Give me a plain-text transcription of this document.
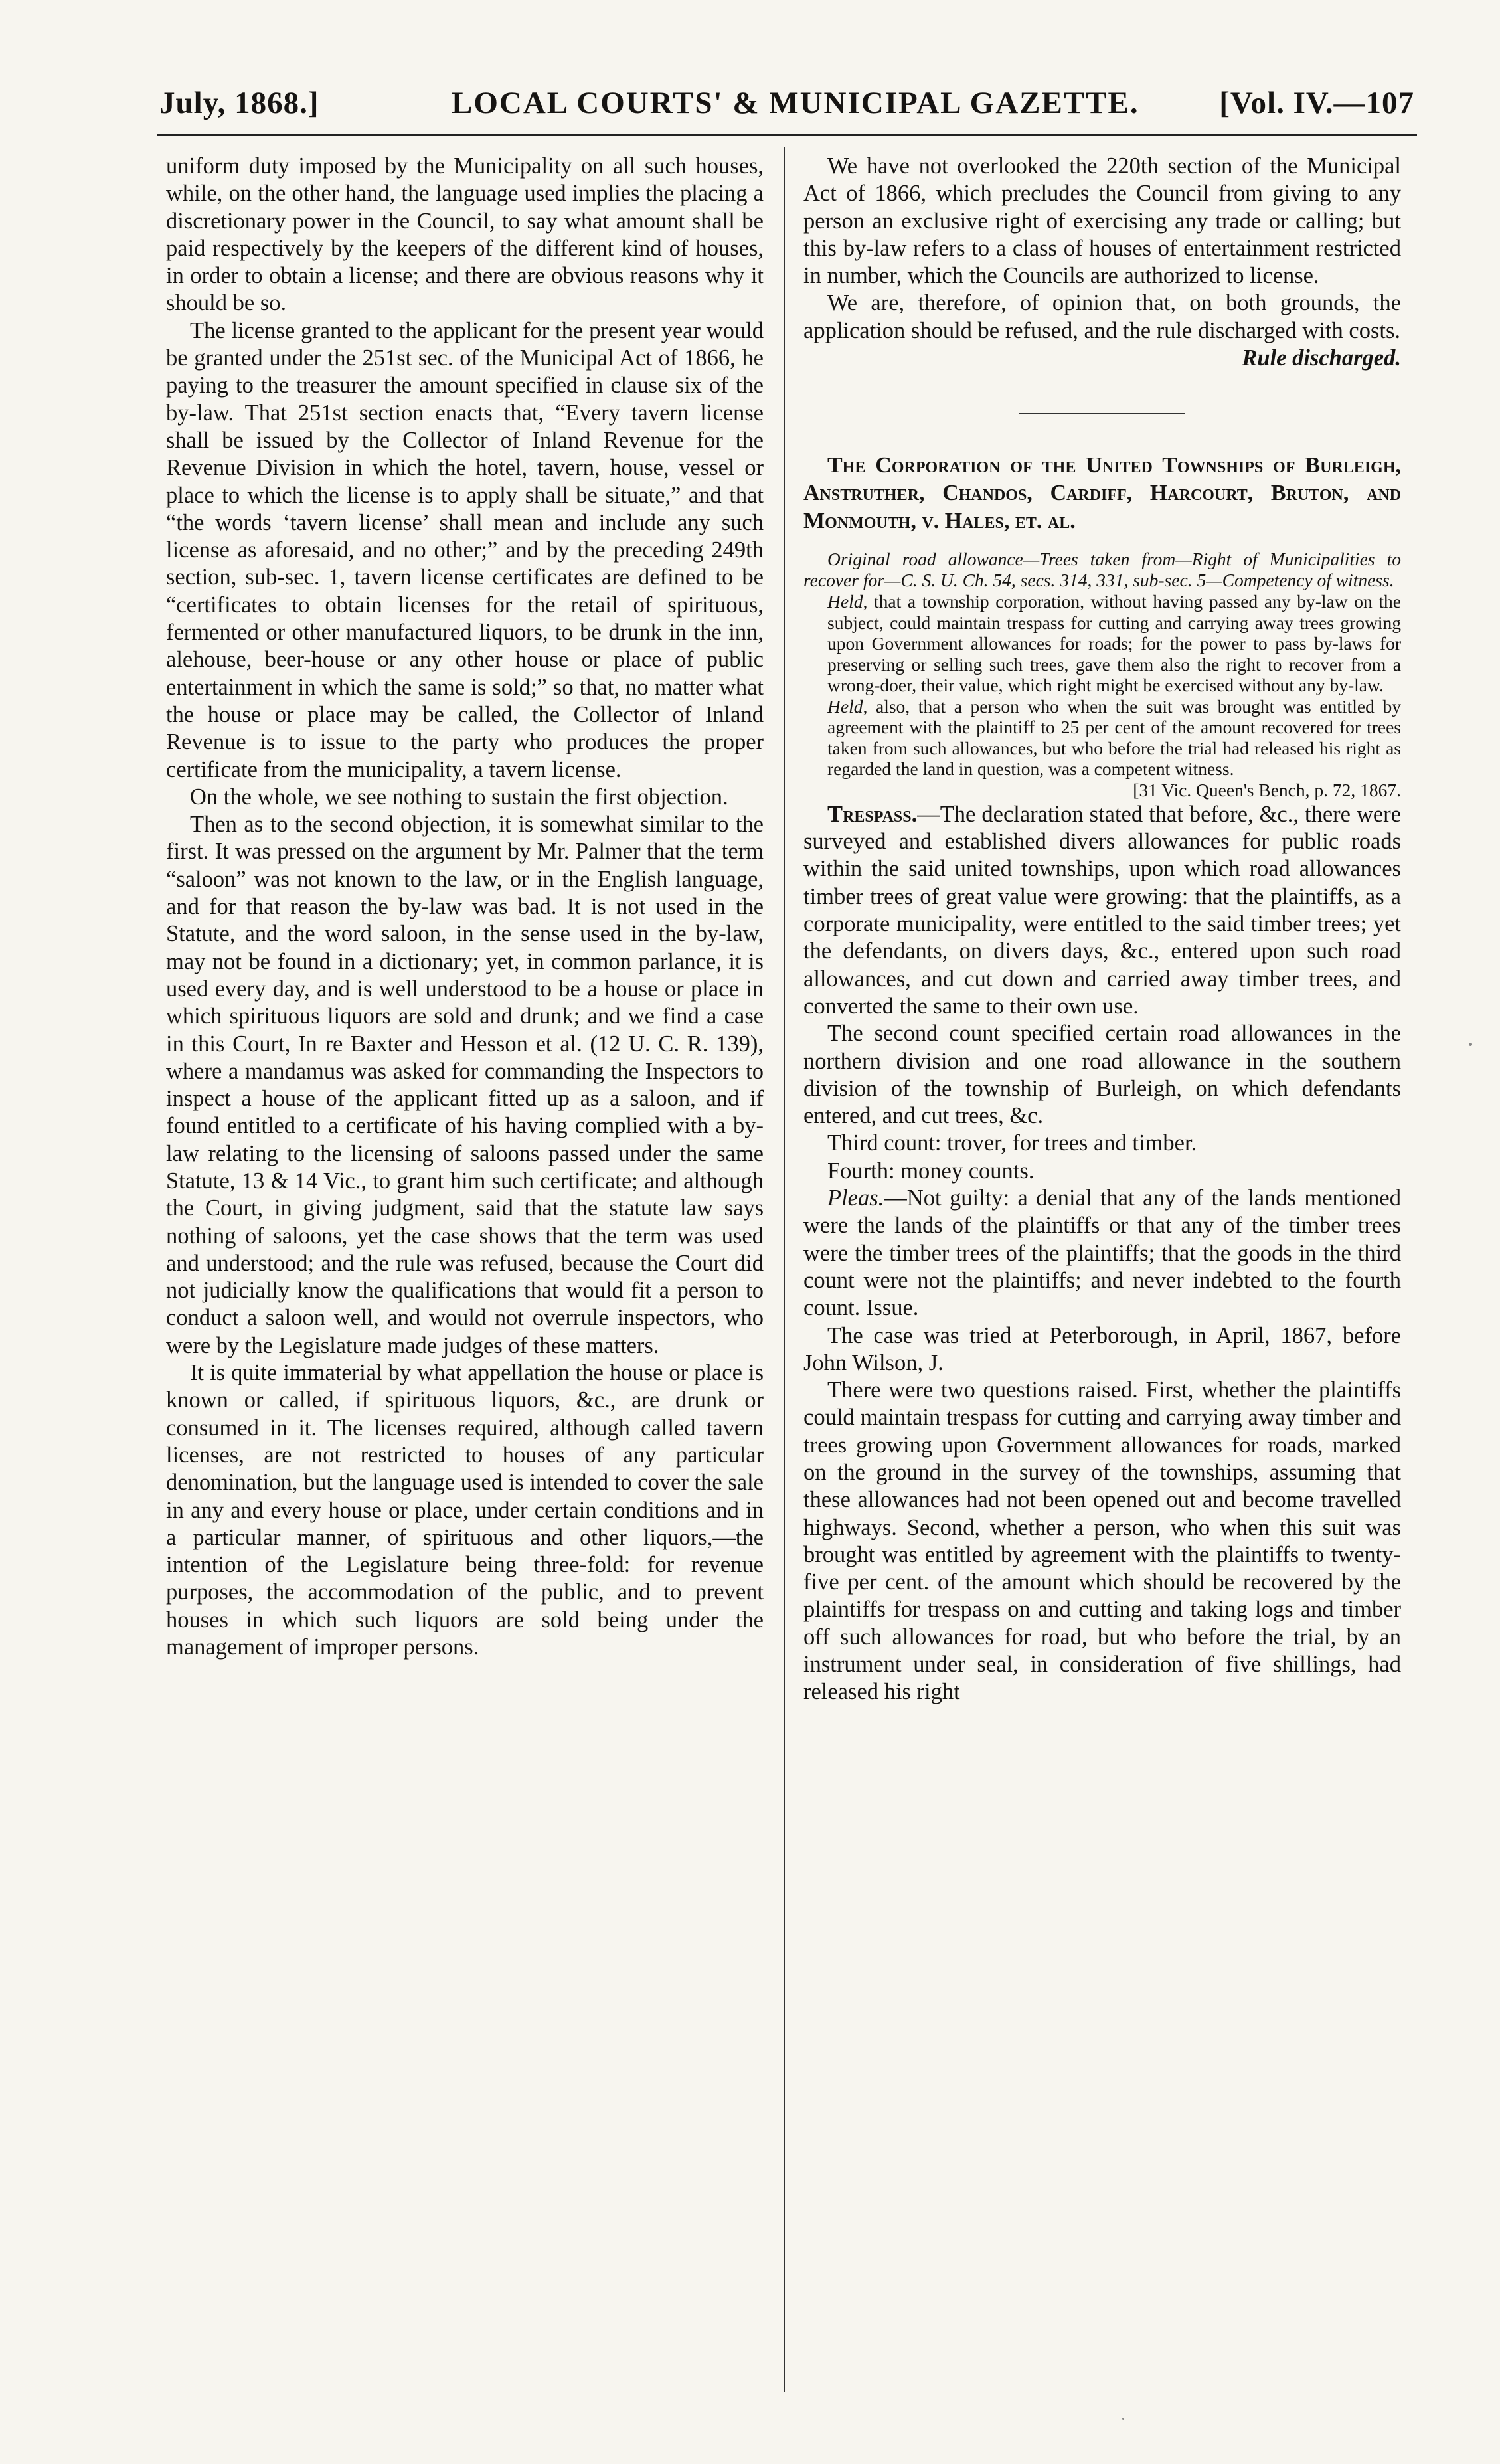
July, 1868.]	LOCAL COURTS' & MUNICIPAL GAZETTE.	[Vol. IV.—107

uniform duty imposed by the Municipality on all such houses, while, on the other hand, the language used implies the placing a discretionary power in the Council, to say what amount shall be paid respectively by the keepers of the different kind of houses, in order to obtain a license; and there are obvious reasons why it should be so.

The license granted to the applicant for the present year would be granted under the 251st sec. of the Municipal Act of 1866, he paying to the treasurer the amount specified in clause six of the by-law. That 251st section enacts that, “Every tavern license shall be issued by the Collector of Inland Revenue for the Revenue Division in which the hotel, tavern, house, vessel or place to which the license is to apply shall be situate,” and that “the words ‘tavern license’ shall mean and include any such license as aforesaid, and no other;” and by the preceding 249th section, sub-sec. 1, tavern license certificates are defined to be “certificates to obtain licenses for the retail of spirituous, fermented or other manufactured liquors, to be drunk in the inn, alehouse, beer-house or any other house or place of public entertainment in which the same is sold;” so that, no matter what the house or place may be called, the Collector of Inland Revenue is to issue to the party who produces the proper certificate from the municipality, a tavern license.

On the whole, we see nothing to sustain the first objection.

Then as to the second objection, it is somewhat similar to the first. It was pressed on the argument by Mr. Palmer that the term “saloon” was not known to the law, or in the English language, and for that reason the by-law was bad. It is not used in the Statute, and the word saloon, in the sense used in the by-law, may not be found in a dictionary; yet, in common parlance, it is used every day, and is well understood to be a house or place in which spirituous liquors are sold and drunk; and we find a case in this Court, In re Baxter and Hesson et al. (12 U. C. R. 139), where a mandamus was asked for commanding the Inspectors to inspect a house of the applicant fitted up as a saloon, and if found entitled to a certificate of his having complied with a by-law relating to the licensing of saloons passed under the same Statute, 13 & 14 Vic., to grant him such certificate; and although the Court, in giving judgment, said that the statute law says nothing of saloons, yet the case shows that the term was used and understood; and the rule was refused, because the Court did not judicially know the qualifications that would fit a person to conduct a saloon well, and would not overrule inspectors, who were by the Legislature made judges of these matters.

It is quite immaterial by what appellation the house or place is known or called, if spirituous liquors, &c., are drunk or consumed in it. The licenses required, although called tavern licenses, are not restricted to houses of any particular denomination, but the language used is intended to cover the sale in any and every house or place, under certain conditions and in a particular manner, of spirituous and other liquors,—the intention of the Legislature being three-fold: for revenue purposes, the accommodation of the public, and to prevent houses in which such liquors are sold being under the management of improper persons.

We have not overlooked the 220th section of the Municipal Act of 1866, which precludes the Council from giving to any person an exclusive right of exercising any trade or calling; but this by-law refers to a class of houses of entertainment restricted in number, which the Councils are authorized to license.

We are, therefore, of opinion that, on both grounds, the application should be refused, and the rule discharged with costs.

Rule discharged.

The Corporation of the United Townships of Burleigh, Anstruther, Chandos, Cardiff, Harcourt, Bruton, and Monmouth, v. Hales, et. al.

Original road allowance—Trees taken from—Right of Municipalities to recover for—C. S. U. Ch. 54, secs. 314, 331, sub-sec. 5—Competency of witness.

Held, that a township corporation, without having passed any by-law on the subject, could maintain trespass for cutting and carrying away trees growing upon Government allowances for roads; for the power to pass by-laws for preserving or selling such trees, gave them also the right to recover from a wrong-doer, their value, which right might be exercised without any by-law.

Held, also, that a person who when the suit was brought was entitled by agreement with the plaintiff to 25 per cent of the amount recovered for trees taken from such allowances, but who before the trial had released his right as regarded the land in question, was a competent witness.

[31 Vic. Queen's Bench, p. 72, 1867.

Trespass.—The declaration stated that before, &c., there were surveyed and established divers allowances for public roads within the said united townships, upon which road allowances timber trees of great value were growing: that the plaintiffs, as a corporate municipality, were entitled to the said timber trees; yet the defendants, on divers days, &c., entered upon such road allowances, and cut down and carried away timber trees, and converted the same to their own use.

The second count specified certain road allowances in the northern division and one road allowance in the southern division of the township of Burleigh, on which defendants entered, and cut trees, &c.

Third count: trover, for trees and timber.

Fourth: money counts.

Pleas.—Not guilty: a denial that any of the lands mentioned were the lands of the plaintiffs or that any of the timber trees were the timber trees of the plaintiffs; that the goods in the third count were not the plaintiffs; and never indebted to the fourth count. Issue.

The case was tried at Peterborough, in April, 1867, before John Wilson, J.

There were two questions raised. First, whether the plaintiffs could maintain trespass for cutting and carrying away timber and trees growing upon Government allowances for roads, marked on the ground in the survey of the townships, assuming that these allowances had not been opened out and become travelled highways. Second, whether a person, who when this suit was brought was entitled by agreement with the plaintiffs to twenty-five per cent. of the amount which should be recovered by the plaintiffs for trespass on and cutting and taking logs and timber off such allowances for road, but who before the trial, by an instrument under seal, in consideration of five shillings, had released his right
